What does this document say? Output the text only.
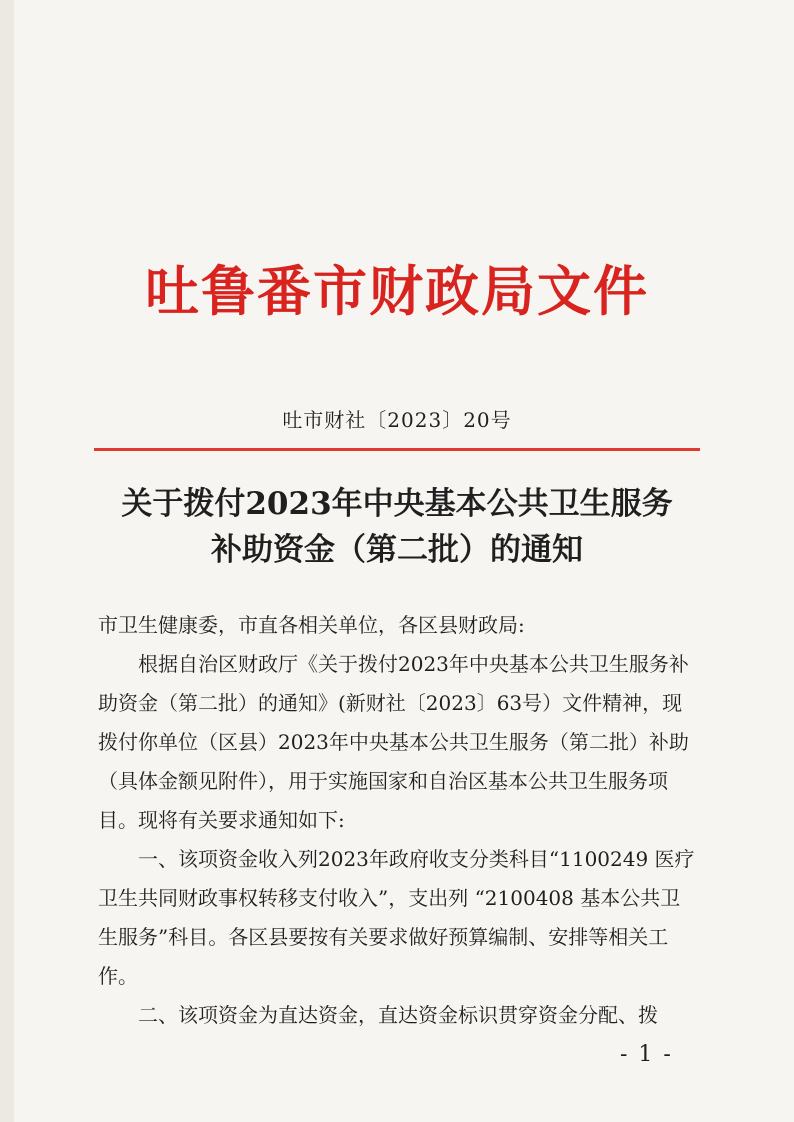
吐鲁番市财政局文件
吐市财社〔2023〕20号
关于拨付2023年中央基本公共卫生服务
补助资金（第二批）的通知

市卫生健康委，市直各相关单位，各区县财政局:

根据自治区财政厅《关于拨付2023年中央基本公共卫生服务补助资金（第二批）的通知》(新财社〔2023〕63号）文件精神，现拨付你单位（区县）2023年中央基本公共卫生服务（第二批）补助（具体金额见附件），用于实施国家和自治区基本公共卫生服务项目。现将有关要求通知如下:

一、该项资金收入列2023年政府收支分类科目“1100249 医疗卫生共同财政事权转移支付收入”，支出列 “2100408 基本公共卫生服务”科目。各区县要按有关要求做好预算编制、安排等相关工作。

二、该项资金为直达资金，直达资金标识贯穿资金分配、拨

- 1 -
